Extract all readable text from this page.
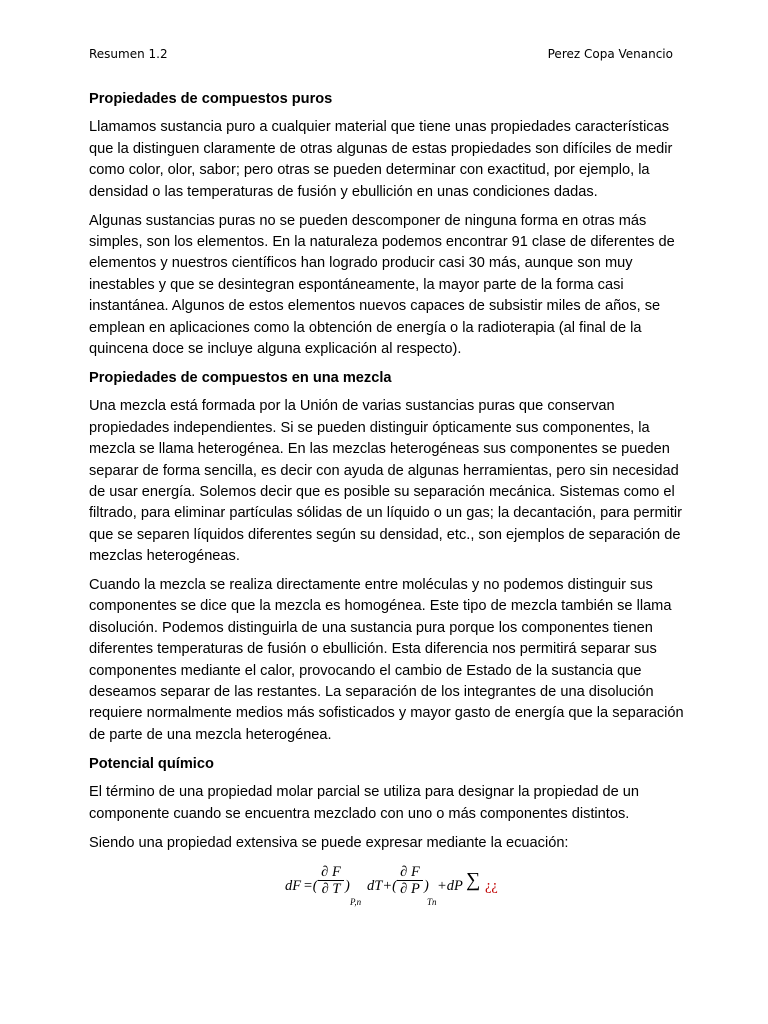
Resumen 1.2	Perez Copa Venancio
Propiedades de compuestos puros

Llamamos sustancia puro a cualquier material que tiene unas propiedades características que la distinguen claramente de otras algunas de estas propiedades son difíciles de medir como color, olor, sabor; pero otras se pueden determinar con exactitud, por ejemplo, la densidad o las temperaturas de fusión y ebullición en unas condiciones dadas.

Algunas sustancias puras no se pueden descomponer de ninguna forma en otras más simples, son los elementos. En la naturaleza podemos encontrar 91 clase de diferentes de elementos y nuestros científicos han logrado producir casi 30 más, aunque son muy inestables y que se desintegran espontáneamente, la mayor parte de la forma casi instantánea. Algunos de estos elementos nuevos capaces de subsistir miles de años, se emplean en aplicaciones como la obtención de energía o la radioterapia (al final de la quincena doce se incluye alguna explicación al respecto).

Propiedades de compuestos en una mezcla

Una mezcla está formada por la Unión de varias sustancias puras que conservan propiedades independientes. Si se pueden distinguir ópticamente sus componentes, la mezcla se llama heterogénea. En las mezclas heterogéneas sus componentes se pueden separar de forma sencilla, es decir con ayuda de algunas herramientas, pero sin necesidad de usar energía. Solemos decir que es posible su separación mecánica. Sistemas como el filtrado, para eliminar partículas sólidas de un líquido o un gas; la decantación, para permitir que se separen líquidos diferentes según su densidad, etc., son ejemplos de separación de mezclas heterogéneas.

Cuando la mezcla se realiza directamente entre moléculas y no podemos distinguir sus componentes se dice que la mezcla es homogénea. Este tipo de mezcla también se llama disolución. Podemos distinguirla de una sustancia pura porque los componentes tienen diferentes temperaturas de fusión o ebullición. Esta diferencia nos permitirá separar sus componentes mediante el calor, provocando el cambio de Estado de la sustancia que deseamos separar de las restantes. La separación de los integrantes de una disolución requiere normalmente medios más sofisticados y mayor gasto de energía que la separación de parte de una mezcla heterogénea.

Potencial químico

El término de una propiedad molar parcial se utiliza para designar la propiedad de un componente cuando se encuentra mezclado con uno o más componentes distintos.

Siendo una propiedad extensiva se puede expresar mediante la ecuación:

dF =( $\frac{\partial F}{\partial T}$ )
P,n
$dT+( \frac{\partial F}{\partial P}$ )
Tn
+dP ∑ ¿¿
